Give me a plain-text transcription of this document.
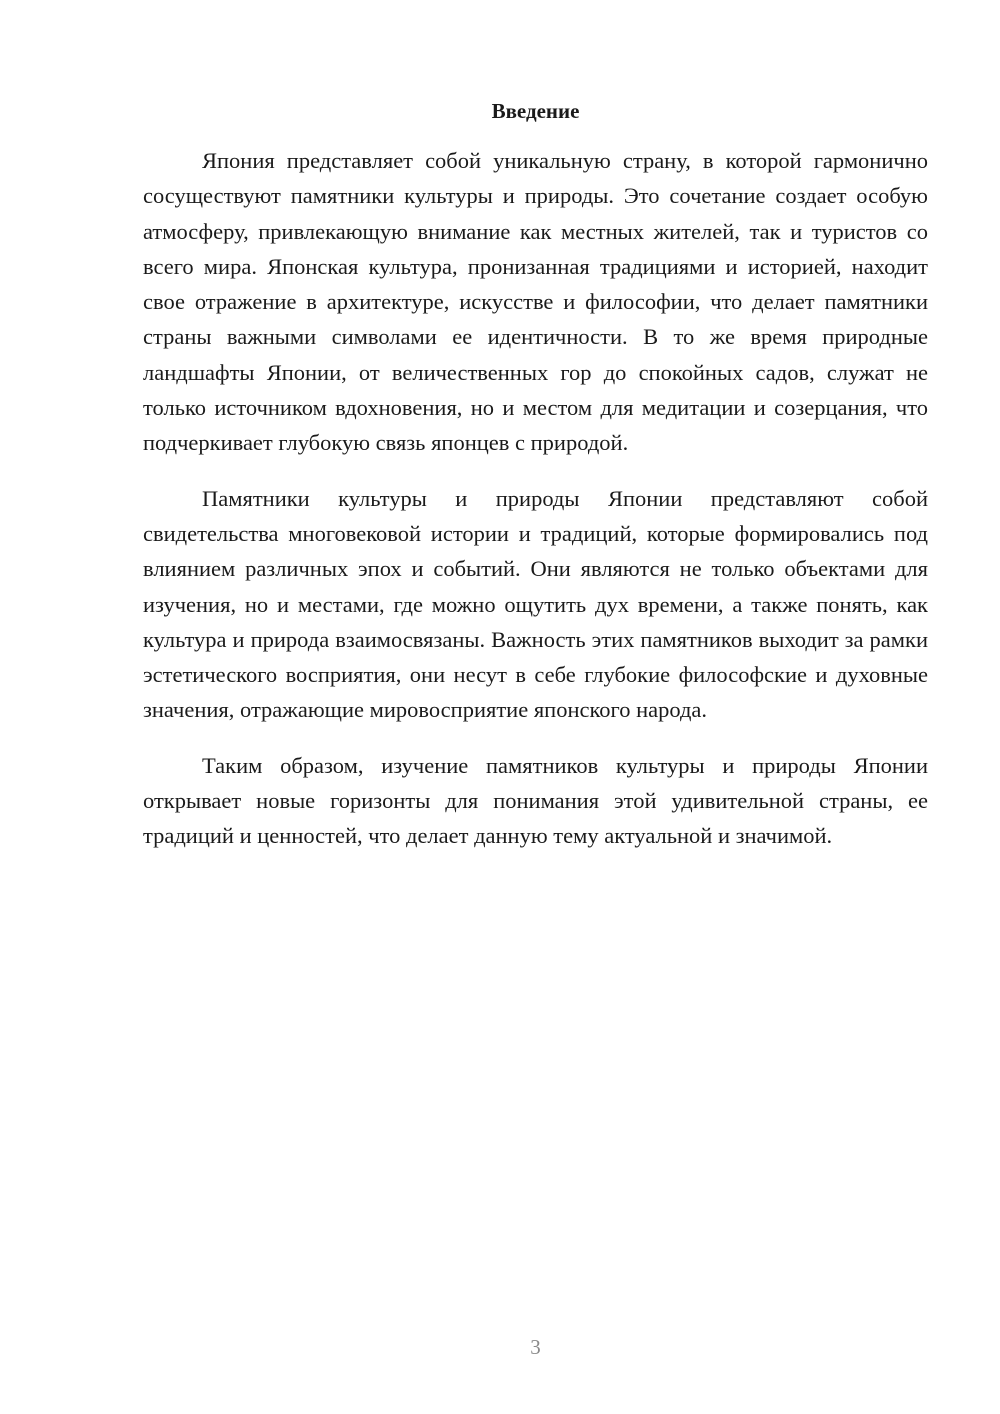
Введение

Япония представляет собой уникальную страну, в которой гармонично сосуществуют памятники культуры и природы. Это сочетание создает особую атмосферу, привлекающую внимание как местных жителей, так и туристов со всего мира. Японская культура, пронизанная традициями и историей, находит свое отражение в архитектуре, искусстве и философии, что делает памятники страны важными символами ее идентичности. В то же время природные ландшафты Японии, от величественных гор до спокойных садов, служат не только источником вдохновения, но и местом для медитации и созерцания, что подчеркивает глубокую связь японцев с природой.

Памятники культуры и природы Японии представляют собой свидетельства многовековой истории и традиций, которые формировались под влиянием различных эпох и событий. Они являются не только объектами для изучения, но и местами, где можно ощутить дух времени, а также понять, как культура и природа взаимосвязаны. Важность этих памятников выходит за рамки эстетического восприятия, они несут в себе глубокие философские и духовные значения, отражающие мировосприятие японского народа.

Таким образом, изучение памятников культуры и природы Японии открывает новые горизонты для понимания этой удивительной страны, ее традиций и ценностей, что делает данную тему актуальной и значимой.

3
